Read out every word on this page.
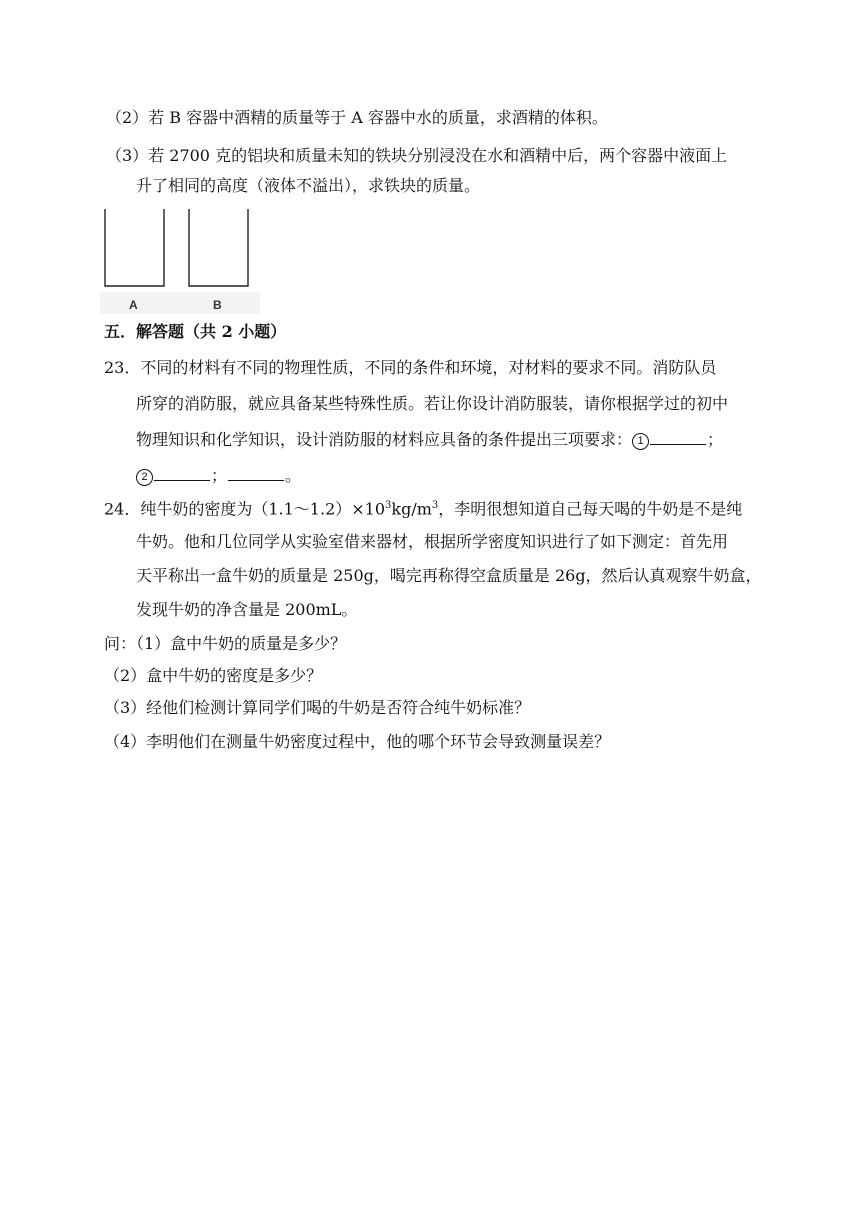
（2）若 B 容器中酒精的质量等于 A 容器中水的质量，求酒精的体积。
（3）若 2700 克的铝块和质量未知的铁块分别浸没在水和酒精中后，两个容器中液面上
升了相同的高度（液体不溢出），求铁块的质量。
A	B
五．解答题（共 2 小题）
23．不同的材料有不同的物理性质，不同的条件和环境，对材料的要求不同。消防队员
所穿的消防服，就应具备某些特殊性质。若让你设计消防服装，请你根据学过的初中
物理知识和化学知识，设计消防服的材料应具备的条件提出三项要求： 1	；
2	；	。
24．纯牛奶的密度为$(1.1\sim 1.2)\times 10^3kg/m^3$，李明很想知道自己每天喝的牛奶是不是纯
牛奶。他和几位同学从实验室借来器材，根据所学密度知识进行了如下测定：首先用
天平称出一盒牛奶的质量是 250g，喝完再称得空盒质量是 26g，然后认真观察牛奶盒，
发现牛奶的净含量是 200mL。
问：（1）盒中牛奶的质量是多少？
（2）盒中牛奶的密度是多少？
（3）经他们检测计算同学们喝的牛奶是否符合纯牛奶标准？
（4）李明他们在测量牛奶密度过程中，他的哪个环节会导致测量误差？
